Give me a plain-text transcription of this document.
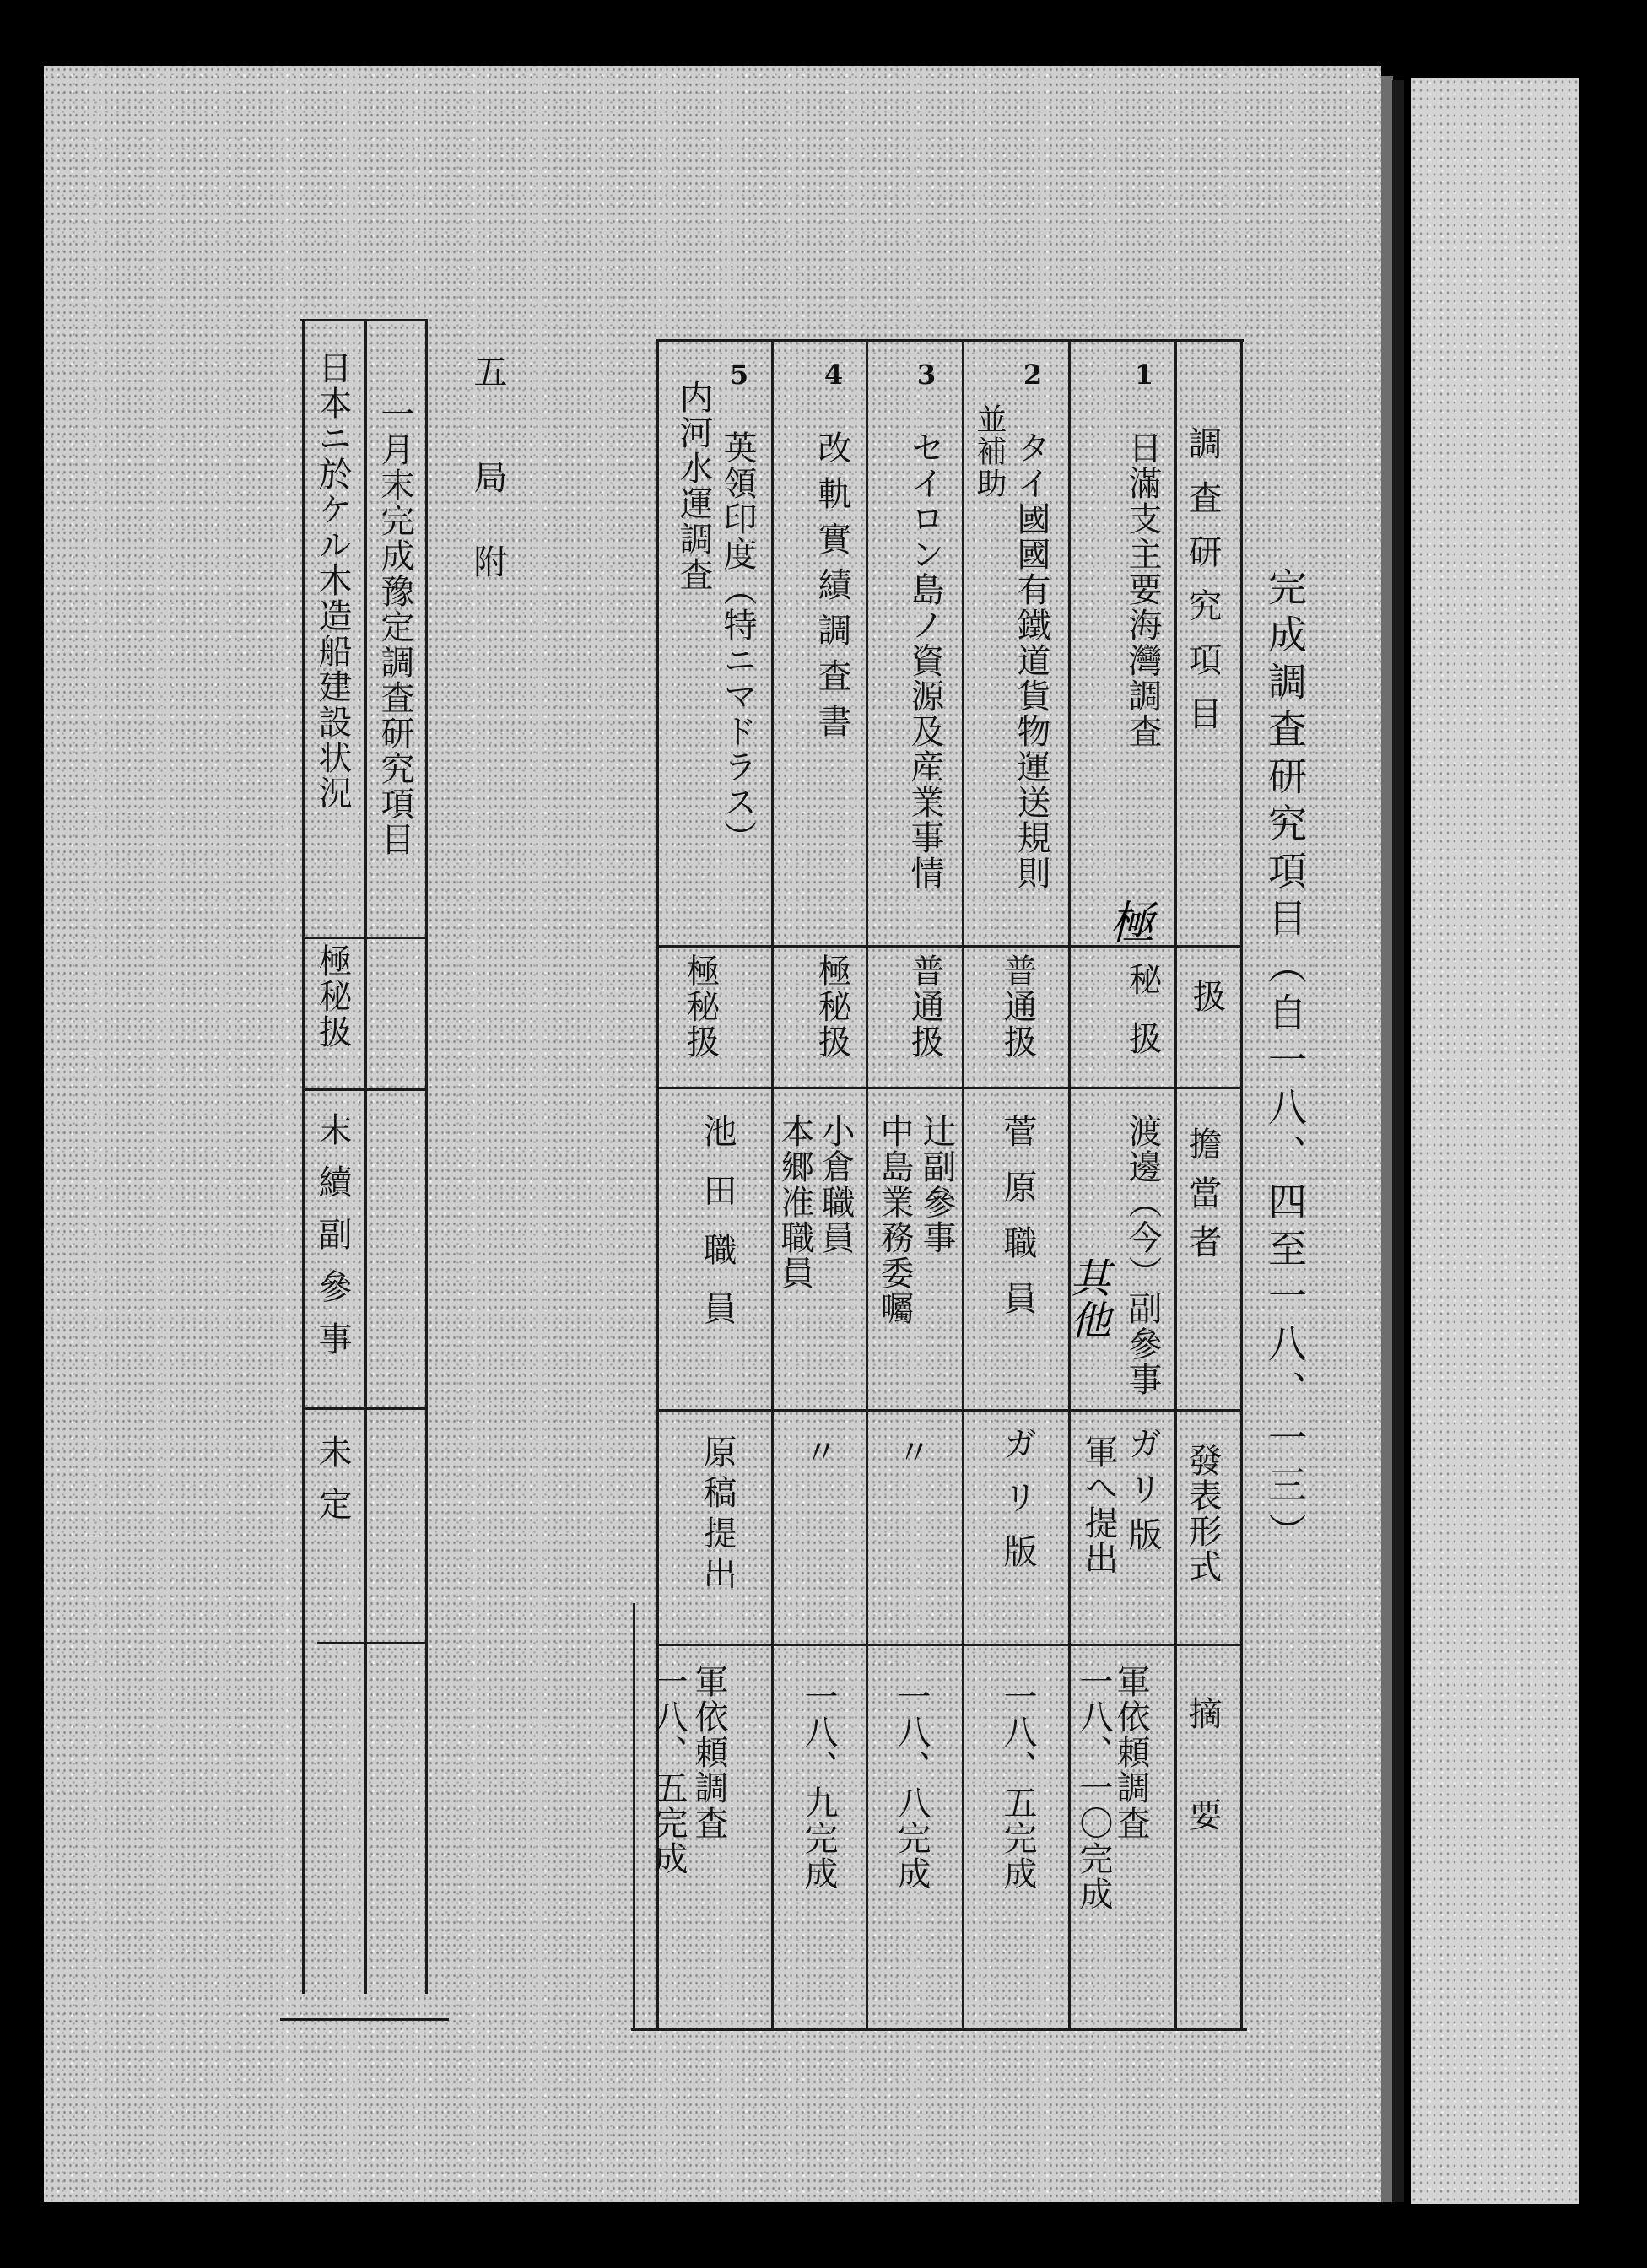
完成調査研究項目（自一八、四至一八、一三）
調査研究項目
扱
擔當者
發表形式
摘要
1
日滿支主要海灣調査
極
秘扱
渡邊（今）副參事
其他
ガリ版
軍へ提出
軍依頼調査
一八、一〇完成
2
タイ國國有鐵道貨物運送規則
並補助
普通扱
菅原職員
ガリ版
一八、五完成
3
セイロン島ノ資源及産業事情
普通扱
辻副參事
中島業務委囑
〃
一八、八完成
4
改軌實績調査書
極秘扱
小倉職員
本郷准職員
〃
一八、九完成
5
英領印度（特ニマドラス）
内河水運調査
極秘扱
池田職員
原稿提出
軍依頼調査
一八、五完成
五
局附
一月末完成豫定調査研究項目
日本ニ於ケル木造船建設状況
極秘扱
末續副參事
未定
